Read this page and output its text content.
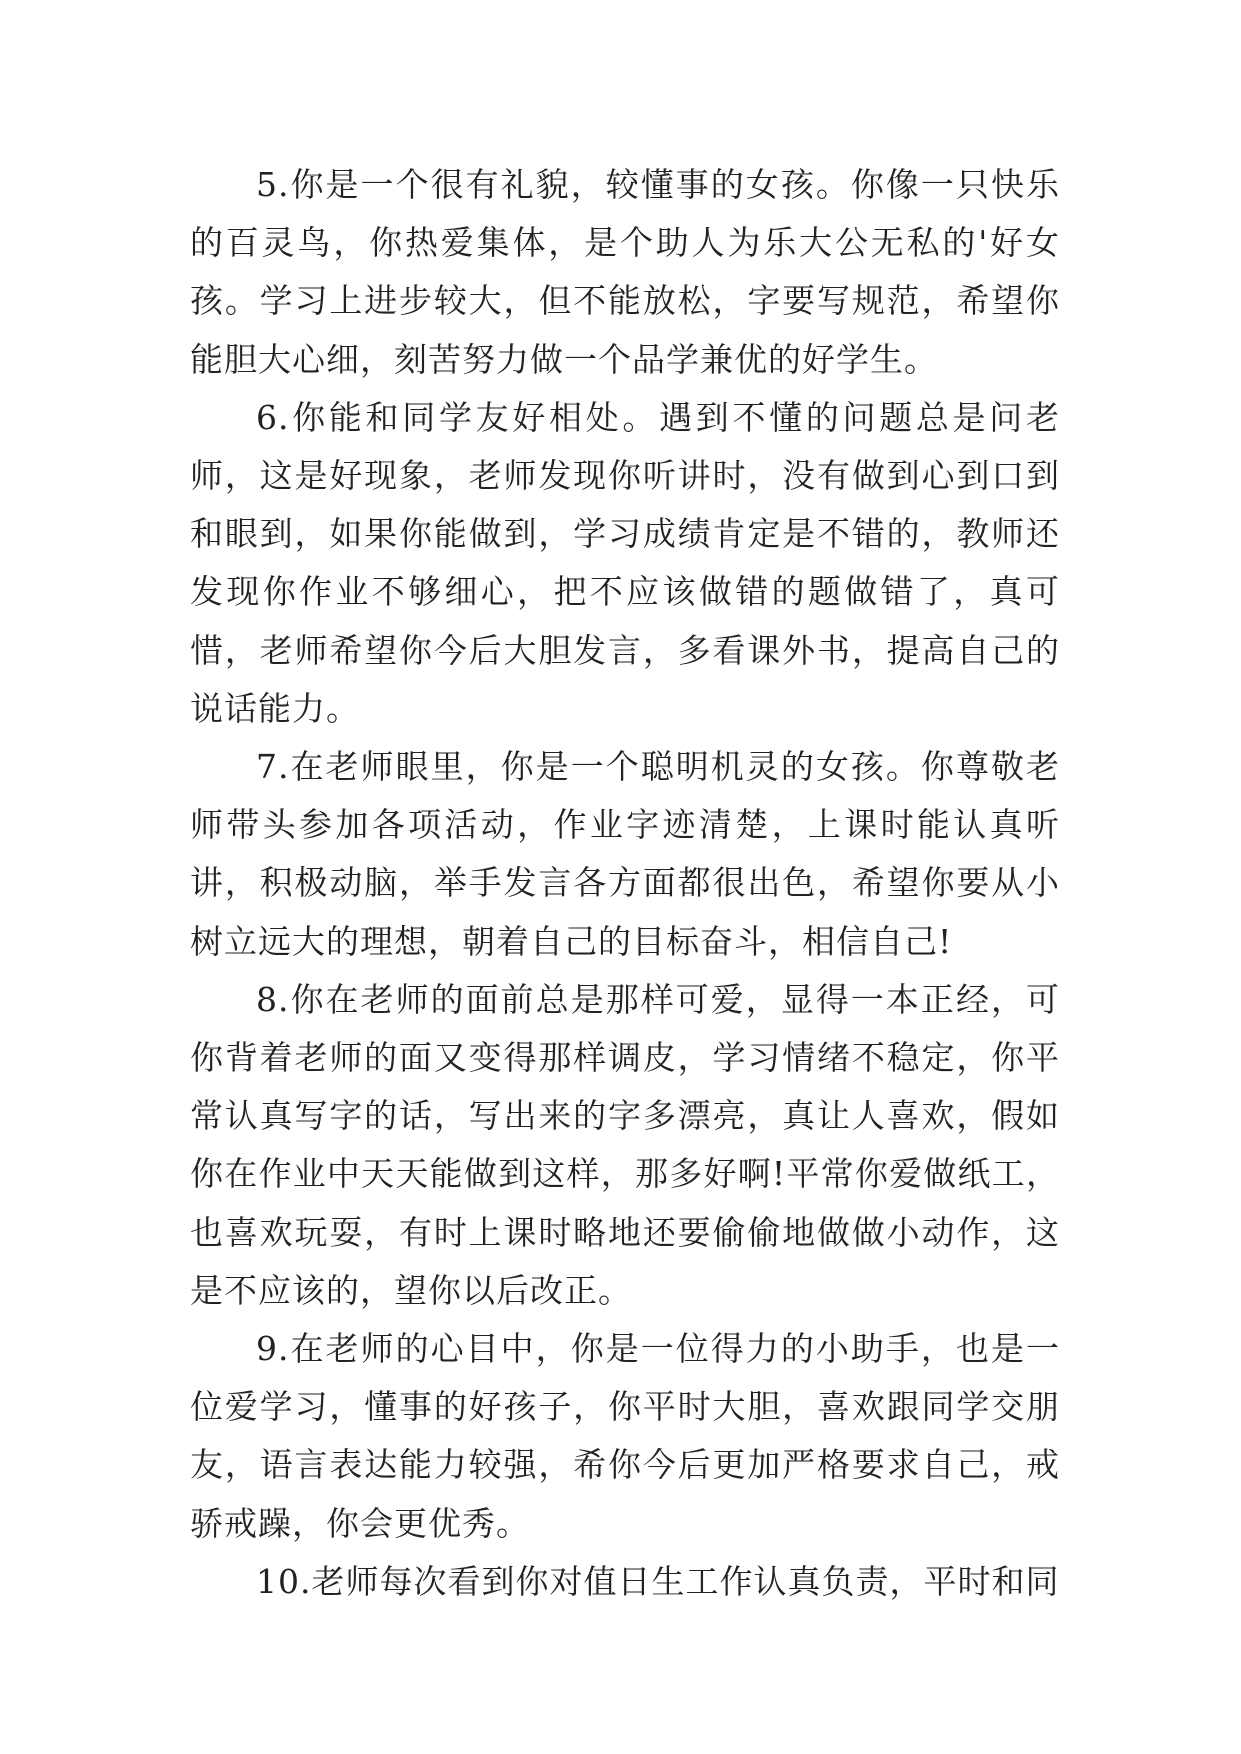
5.你是一个很有礼貌，较懂事的女孩。你像一只快乐的百灵鸟，你热爱集体，是个助人为乐大公无私的'好女孩。学习上进步较大，但不能放松，字要写规范，希望你能胆大心细，刻苦努力做一个品学兼优的好学生。

6.你能和同学友好相处。遇到不懂的问题总是问老师，这是好现象，老师发现你听讲时，没有做到心到口到和眼到，如果你能做到，学习成绩肯定是不错的，教师还发现你作业不够细心，把不应该做错的题做错了，真可惜，老师希望你今后大胆发言，多看课外书，提高自己的说话能力。

7.在老师眼里，你是一个聪明机灵的女孩。你尊敬老师带头参加各项活动，作业字迹清楚，上课时能认真听讲，积极动脑，举手发言各方面都很出色，希望你要从小树立远大的理想，朝着自己的目标奋斗，相信自己!

8.你在老师的面前总是那样可爱，显得一本正经，可你背着老师的面又变得那样调皮，学习情绪不稳定，你平常认真写字的话，写出来的字多漂亮，真让人喜欢，假如你在作业中天天能做到这样，那多好啊!平常你爱做纸工，也喜欢玩耍，有时上课时略地还要偷偷地做做小动作，这是不应该的，望你以后改正。

9.在老师的心目中，你是一位得力的小助手，也是一位爱学习，懂事的好孩子，你平时大胆，喜欢跟同学交朋友，语言表达能力较强，希你今后更加严格要求自己，戒骄戒躁，你会更优秀。

10.老师每次看到你对值日生工作认真负责，平时和同
